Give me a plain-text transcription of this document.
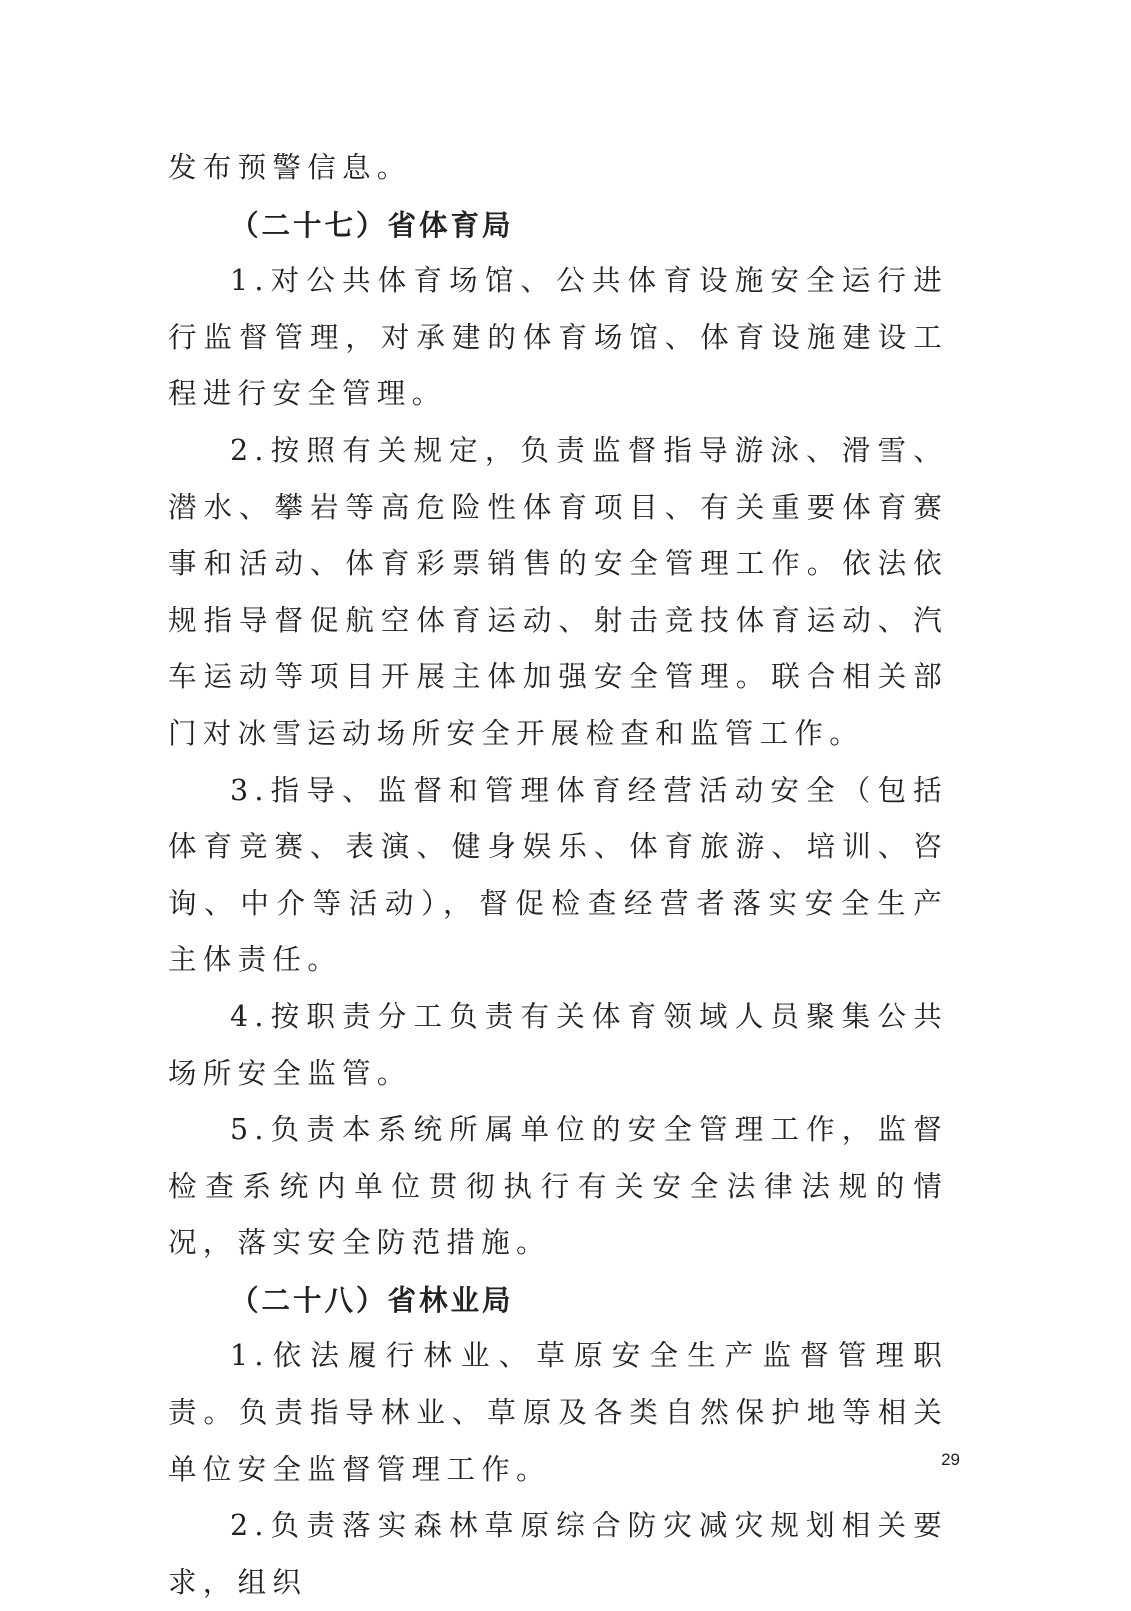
发布预警信息。

（二十七）省体育局

1.对公共体育场馆、公共体育设施安全运行进行监督管理，对承建的体育场馆、体育设施建设工程进行安全管理。

2.按照有关规定，负责监督指导游泳、滑雪、潜水、攀岩等高危险性体育项目、有关重要体育赛事和活动、体育彩票销售的安全管理工作。依法依规指导督促航空体育运动、射击竞技体育运动、汽车运动等项目开展主体加强安全管理。联合相关部门对冰雪运动场所安全开展检查和监管工作。

3.指导、监督和管理体育经营活动安全（包括体育竞赛、表演、健身娱乐、体育旅游、培训、咨询、中介等活动），督促检查经营者落实安全生产主体责任。

4.按职责分工负责有关体育领域人员聚集公共场所安全监管。

5.负责本系统所属单位的安全管理工作，监督检查系统内单位贯彻执行有关安全法律法规的情况，落实安全防范措施。

（二十八）省林业局

1.依法履行林业、草原安全生产监督管理职责。负责指导林业、草原及各类自然保护地等相关单位安全监督管理工作。

2.负责落实森林草原综合防灾减灾规划相关要求，组织

29
